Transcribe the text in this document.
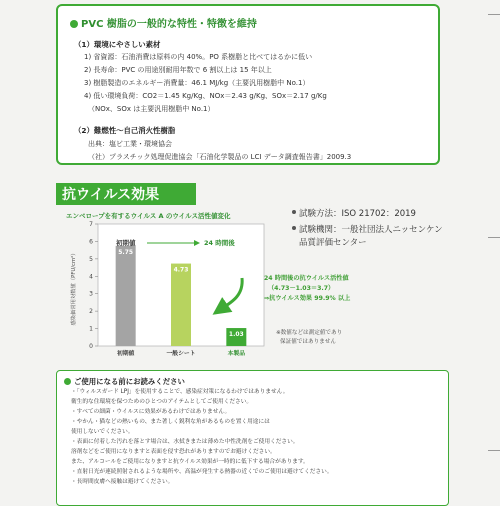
PVC 樹脂の一般的な特性・特徴を維持
（1）環境にやさしい素材
1) 省資源：石油消費は原料の内 40%。PO 系樹脂と比べてはるかに低い
2) 長寿命：PVC の用途別耐用年数で 6 割以上は 15 年以上
3) 樹脂製造のエネルギー消費量：46.1 MJ/kg（主要汎用樹脂中 No.1）
4) 低い環境負荷：CO2＝1.45 Kg/Kg、NOx＝2.43 g/Kg、SOx＝2.17 g/Kg
（NOx、SOx は主要汎用樹脂中 No.1）
（2）難燃性～自己消火性樹脂
出典：塩ビ工業・環境協会
（社）プラスチック処理促進協会「石油化学製品の LCI データ調査報告書」2009.3
抗ウイルス効果
エンベロープを有するウイルス A のウイルス活性値変化	試験方法：ISO 21702：2019
試験機関：一般社団法人ニッセンケン
品質評価センター
0
1
2
3
4
5
6
7
感染価常用対数値（PFU/cm²）	5.75
4.73
1.03
初期値	一般シート	本製品
初期値	24 時間後
24 時間後の抗ウイルス活性値
（4.73－1.03＝3.7）
⇒抗ウイルス効果 99.9% 以上
※数値などは測定値であり
保証値ではありません
ご使用になる前にお読みください
・「ウィルスガード LPJ」を使用することで、感染症対策になるわけではありません。
衛生的な住環境を保つためのひとつのアイテムとしてご使用ください。
・すべての細菌・ウイルスに効果があるわけではありません。
・やかん・猫などの熱いもの、また著しく鋭利な角があるものを置く用途には
使用しないでください。
・表面に付着した汚れを落とす場合は、水拭きまたは薄めた中性洗剤をご使用ください。
溶剤などをご使用になりますと表面を侵す恐れがありますのでお避けください。
また、アルコールをご使用になりますと抗ウイルス効果が一時的に低下する場合があります。
・直射日光が連続照射されるような場所や、高温が発生する熱器の近くでのご使用は避けてください。
・長時間皮膚へ接触は避けてください。
